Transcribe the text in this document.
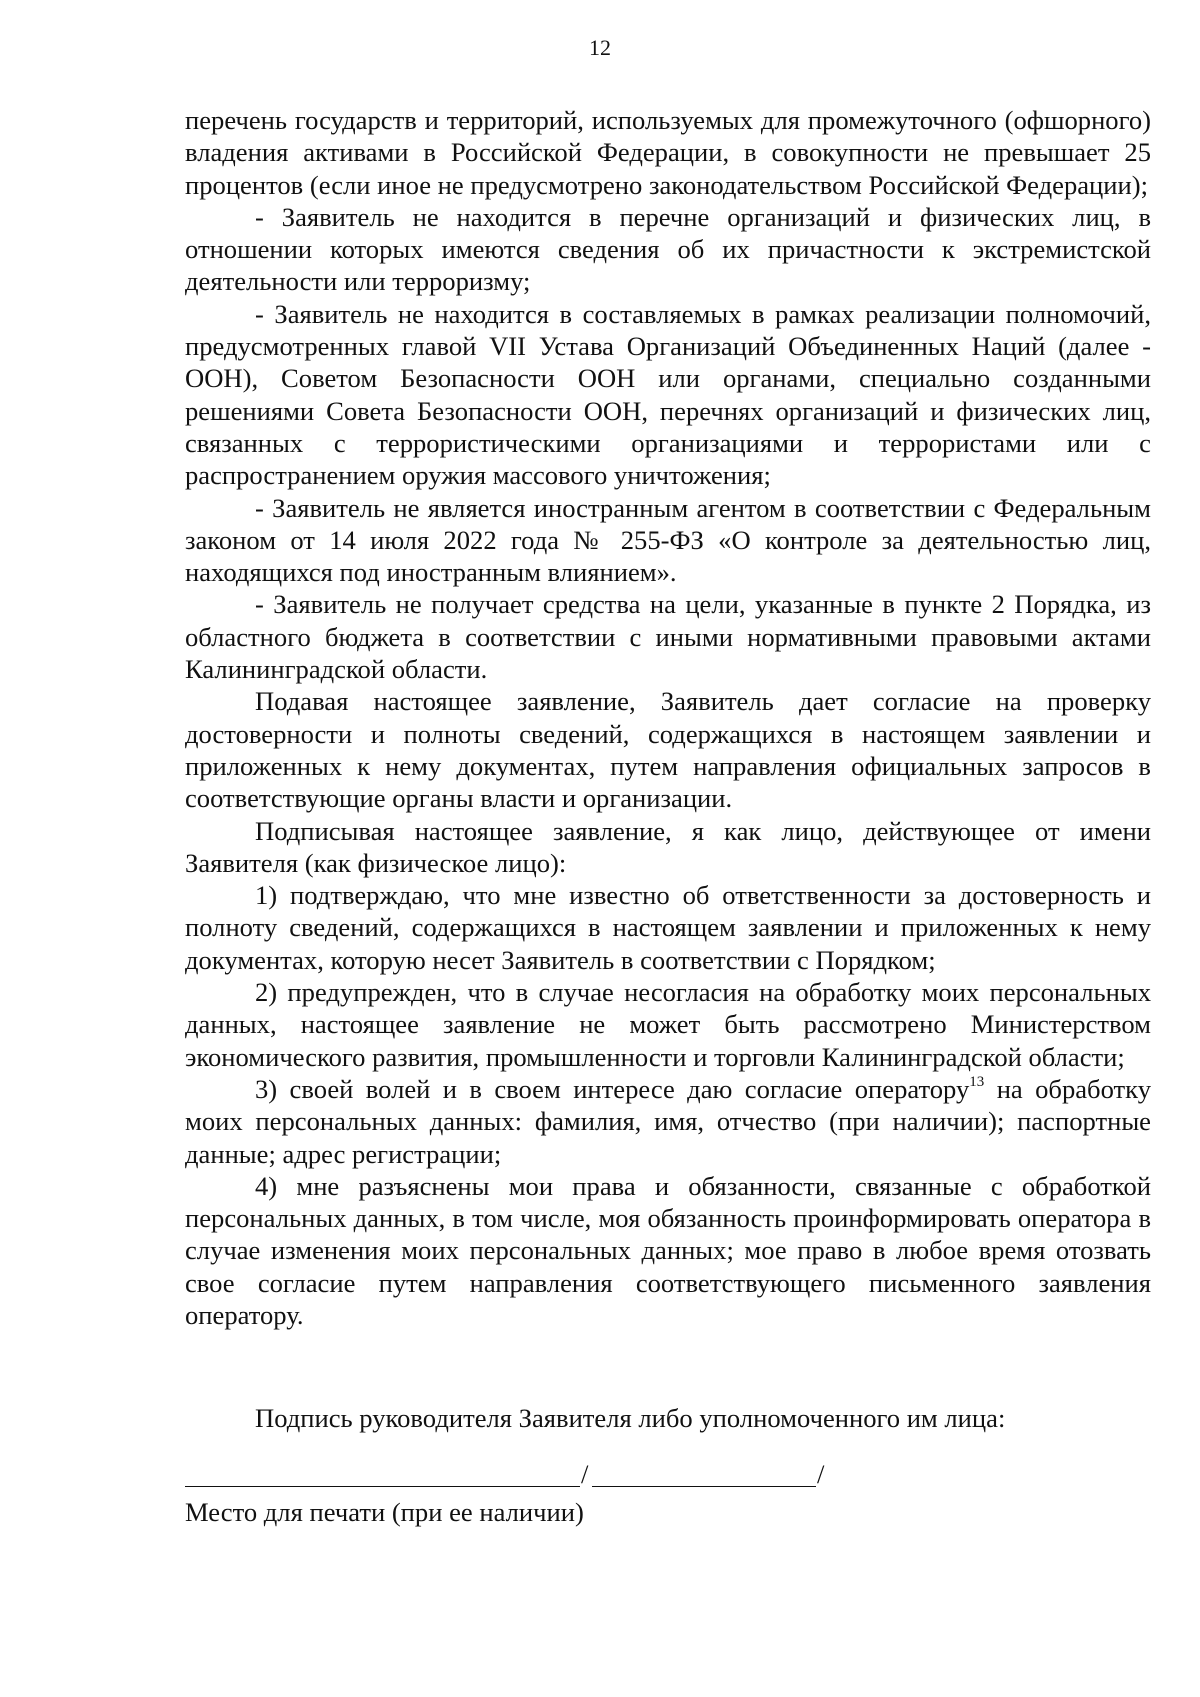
12

перечень государств и территорий, используемых для промежуточного (офшорного) владения активами в Российской Федерации, в совокупности не превышает 25 процентов (если иное не предусмотрено законодательством Российской Федерации);

- Заявитель не находится в перечне организаций и физических лиц, в отношении которых имеются сведения об их причастности к экстремистской деятельности или терроризму;

- Заявитель не находится в составляемых в рамках реализации полномочий, предусмотренных главой VII Устава Организаций Объединенных Наций (далее - ООН), Советом Безопасности ООН или органами, специально созданными решениями Совета Безопасности ООН, перечнях организаций и физических лиц, связанных с террористическими организациями и террористами или с распространением оружия массового уничтожения;

- Заявитель не является иностранным агентом в соответствии с Федеральным законом от 14 июля 2022 года № 255-ФЗ «О контроле за деятельностью лиц, находящихся под иностранным влиянием».

- Заявитель не получает средства на цели, указанные в пункте 2 Порядка, из областного бюджета в соответствии с иными нормативными правовыми актами Калининградской области.

Подавая настоящее заявление, Заявитель дает согласие на проверку достоверности и полноты сведений, содержащихся в настоящем заявлении и приложенных к нему документах, путем направления официальных запросов в соответствующие органы власти и организации.

Подписывая настоящее заявление, я как лицо, действующее от имени Заявителя (как физическое лицо):

1) подтверждаю, что мне известно об ответственности за достоверность и полноту сведений, содержащихся в настоящем заявлении и приложенных к нему документах, которую несет Заявитель в соответствии с Порядком;

2) предупрежден, что в случае несогласия на обработку моих персональных данных, настоящее заявление не может быть рассмотрено Министерством экономического развития, промышленности и торговли Калининградской области;

3) своей волей и в своем интересе даю согласие оператору$^{13}$ на обработку моих персональных данных: фамилия, имя, отчество (при наличии); паспортные данные; адрес регистрации;

4) мне разъяснены мои права и обязанности, связанные с обработкой персональных данных, в том числе, моя обязанность проинформировать оператора в случае изменения моих персональных данных; мое право в любое время отозвать свое согласие путем направления соответствующего письменного заявления оператору.

Подпись руководителя Заявителя либо уполномоченного им лица:
/	/
Место для печати (при ее наличии)
